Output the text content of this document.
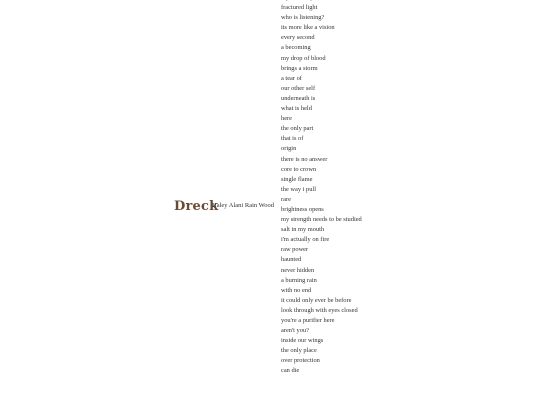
Dreck
Haley Alani Rain Wood
fractured light
who is listening?
its more like a vision
every second
a becoming
my drop of blood
brings a storm
a tear of
our other self
underneath is
what is held
here
the only part
that is of
origin
there is no answer
core to crown
single flame
the way i pull
rare
brightness opens
my strength needs to be studied
salt in my mouth
i'm actually on fire
raw power
haunted
never hidden
a burning rain
with no end
it could only ever be before
look through with eyes closed
you're a purifier here
aren't you?
inside our wings
the only place
over protection
can die
